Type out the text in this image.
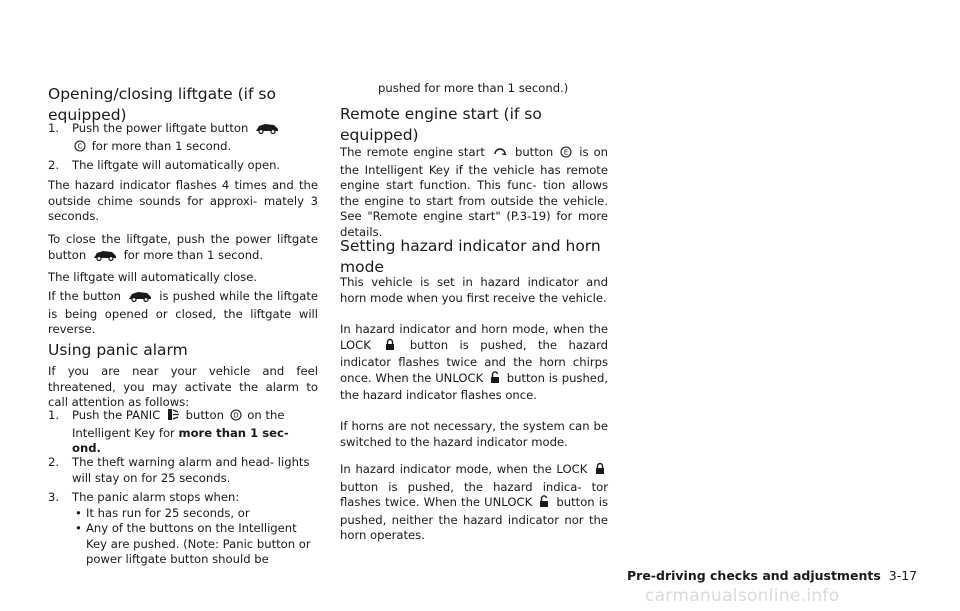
Opening/closing liftgate (if so equipped)
1. Push the power liftgate button

C for more than 1 second.
2. The liftgate will automatically open.

The hazard indicator flashes 4 times and the outside chime sounds for approxi- mately 3 seconds.

To close the liftgate, push the power liftgate button	for more than 1 second.

The liftgate will automatically close.

If the button	is pushed while the liftgate is being opened or closed, the liftgate will reverse.

Using panic alarm

If you are near your vehicle and feel threatened, you may activate the alarm to call attention as follows:

1. Push the PANIC button D on the Intelligent Key for more than 1 sec- ond.
2. The theft warning alarm and head- lights will stay on for 25 seconds.
3. The panic alarm stops when:
• It has run for 25 seconds, or
• Any of the buttons on the Intelligent Key are pushed. (Note: Panic button or power liftgate button should be

pushed for more than 1 second.)

Remote engine start (if so equipped)

The remote engine start	button E is on the Intelligent Key if the vehicle has remote engine start function. This func- tion allows the engine to start from outside the vehicle. See "Remote engine start" (P.3-19) for more details.

Setting hazard indicator and horn mode

This vehicle is set in hazard indicator and horn mode when you first receive the vehicle.

In hazard indicator and horn mode, when the LOCK	button is pushed, the hazard indicator flashes twice and the horn chirps once. When the UNLOCK button is pushed, the hazard indicator flashes once.

If horns are not necessary, the system can be switched to the hazard indicator mode.

In hazard indicator mode, when the LOCK  button is pushed, the hazard indica- tor flashes twice. When the UNLOCK button is pushed, neither the hazard indicator nor the horn operates.

Pre-driving checks and adjustments 3-17
carmanualsonline.info
